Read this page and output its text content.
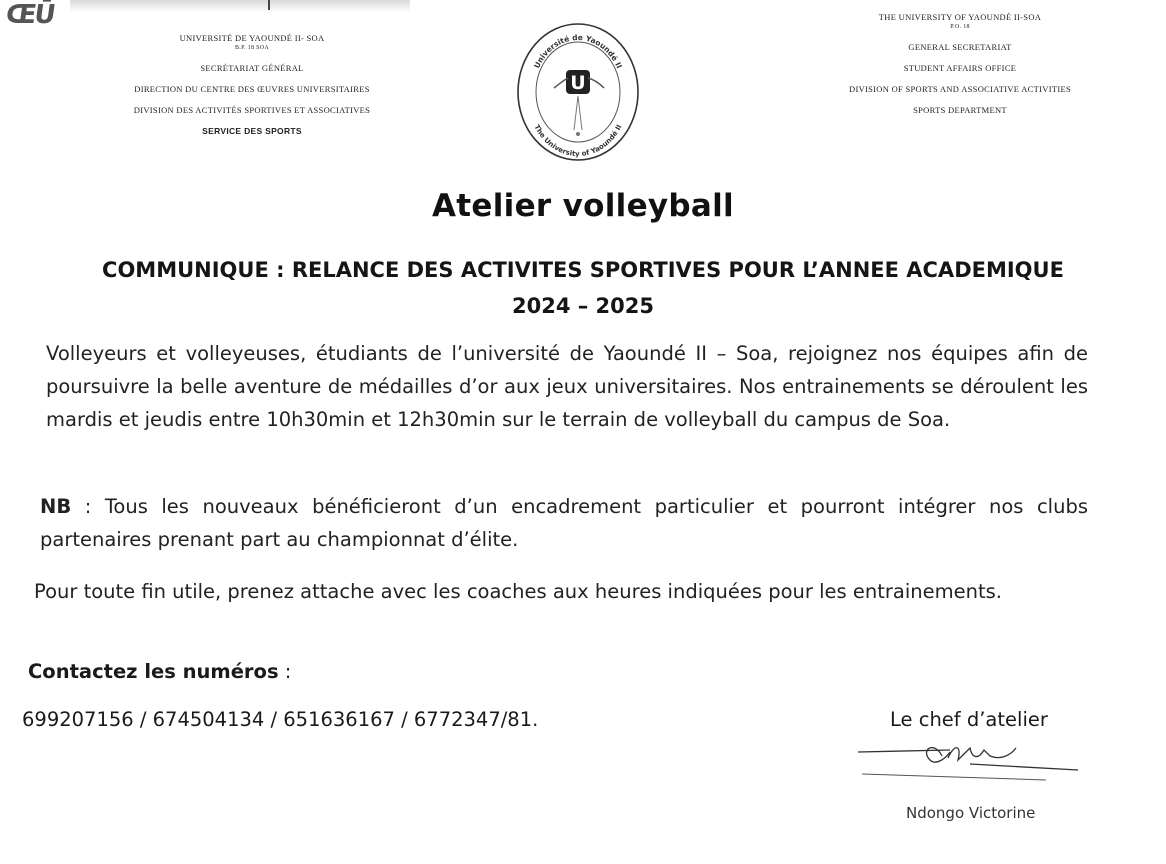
ŒŪ
UNIVERSITÉ DE YAOUNDÉ II- SOA
B.P. 18 SOA
SECRÉTARIAT GÉNÉRAL
DIRECTION DU CENTRE DES ŒUVRES UNIVERSITAIRES
DIVISION DES ACTIVITÉS SPORTIVES ET ASSOCIATIVES
SERVICE DES SPORTS
Université de Yaoundé II
The University of Yaoundé II
U
THE UNIVERSITY OF YAOUNDÉ II-SOA
P.O. 18
GENERAL SECRETARIAT
STUDENT AFFAIRS OFFICE
DIVISION OF SPORTS AND ASSOCIATIVE ACTIVITIES
SPORTS DEPARTMENT
Atelier volleyball
COMMUNIQUE : RELANCE DES ACTIVITES SPORTIVES POUR L’ANNEE ACADEMIQUE
2024 – 2025
Volleyeurs et volleyeuses, étudiants de l’université de Yaoundé II – Soa, rejoignez nos équipes afin de poursuivre la belle aventure de médailles d’or aux jeux universitaires. Nos entrainements se déroulent les mardis et jeudis entre 10h30min et 12h30min sur le terrain de volleyball du campus de Soa.
NB : Tous les nouveaux bénéficieront d’un encadrement particulier et pourront intégrer nos clubs partenaires prenant part au championnat d’élite.
Pour toute fin utile, prenez attache avec les coaches aux heures indiquées pour les entrainements.
Contactez les numéros :
699207156 / 674504134 / 651636167 / 6772347/81.	Le chef d’atelier
Ndongo Victorine
